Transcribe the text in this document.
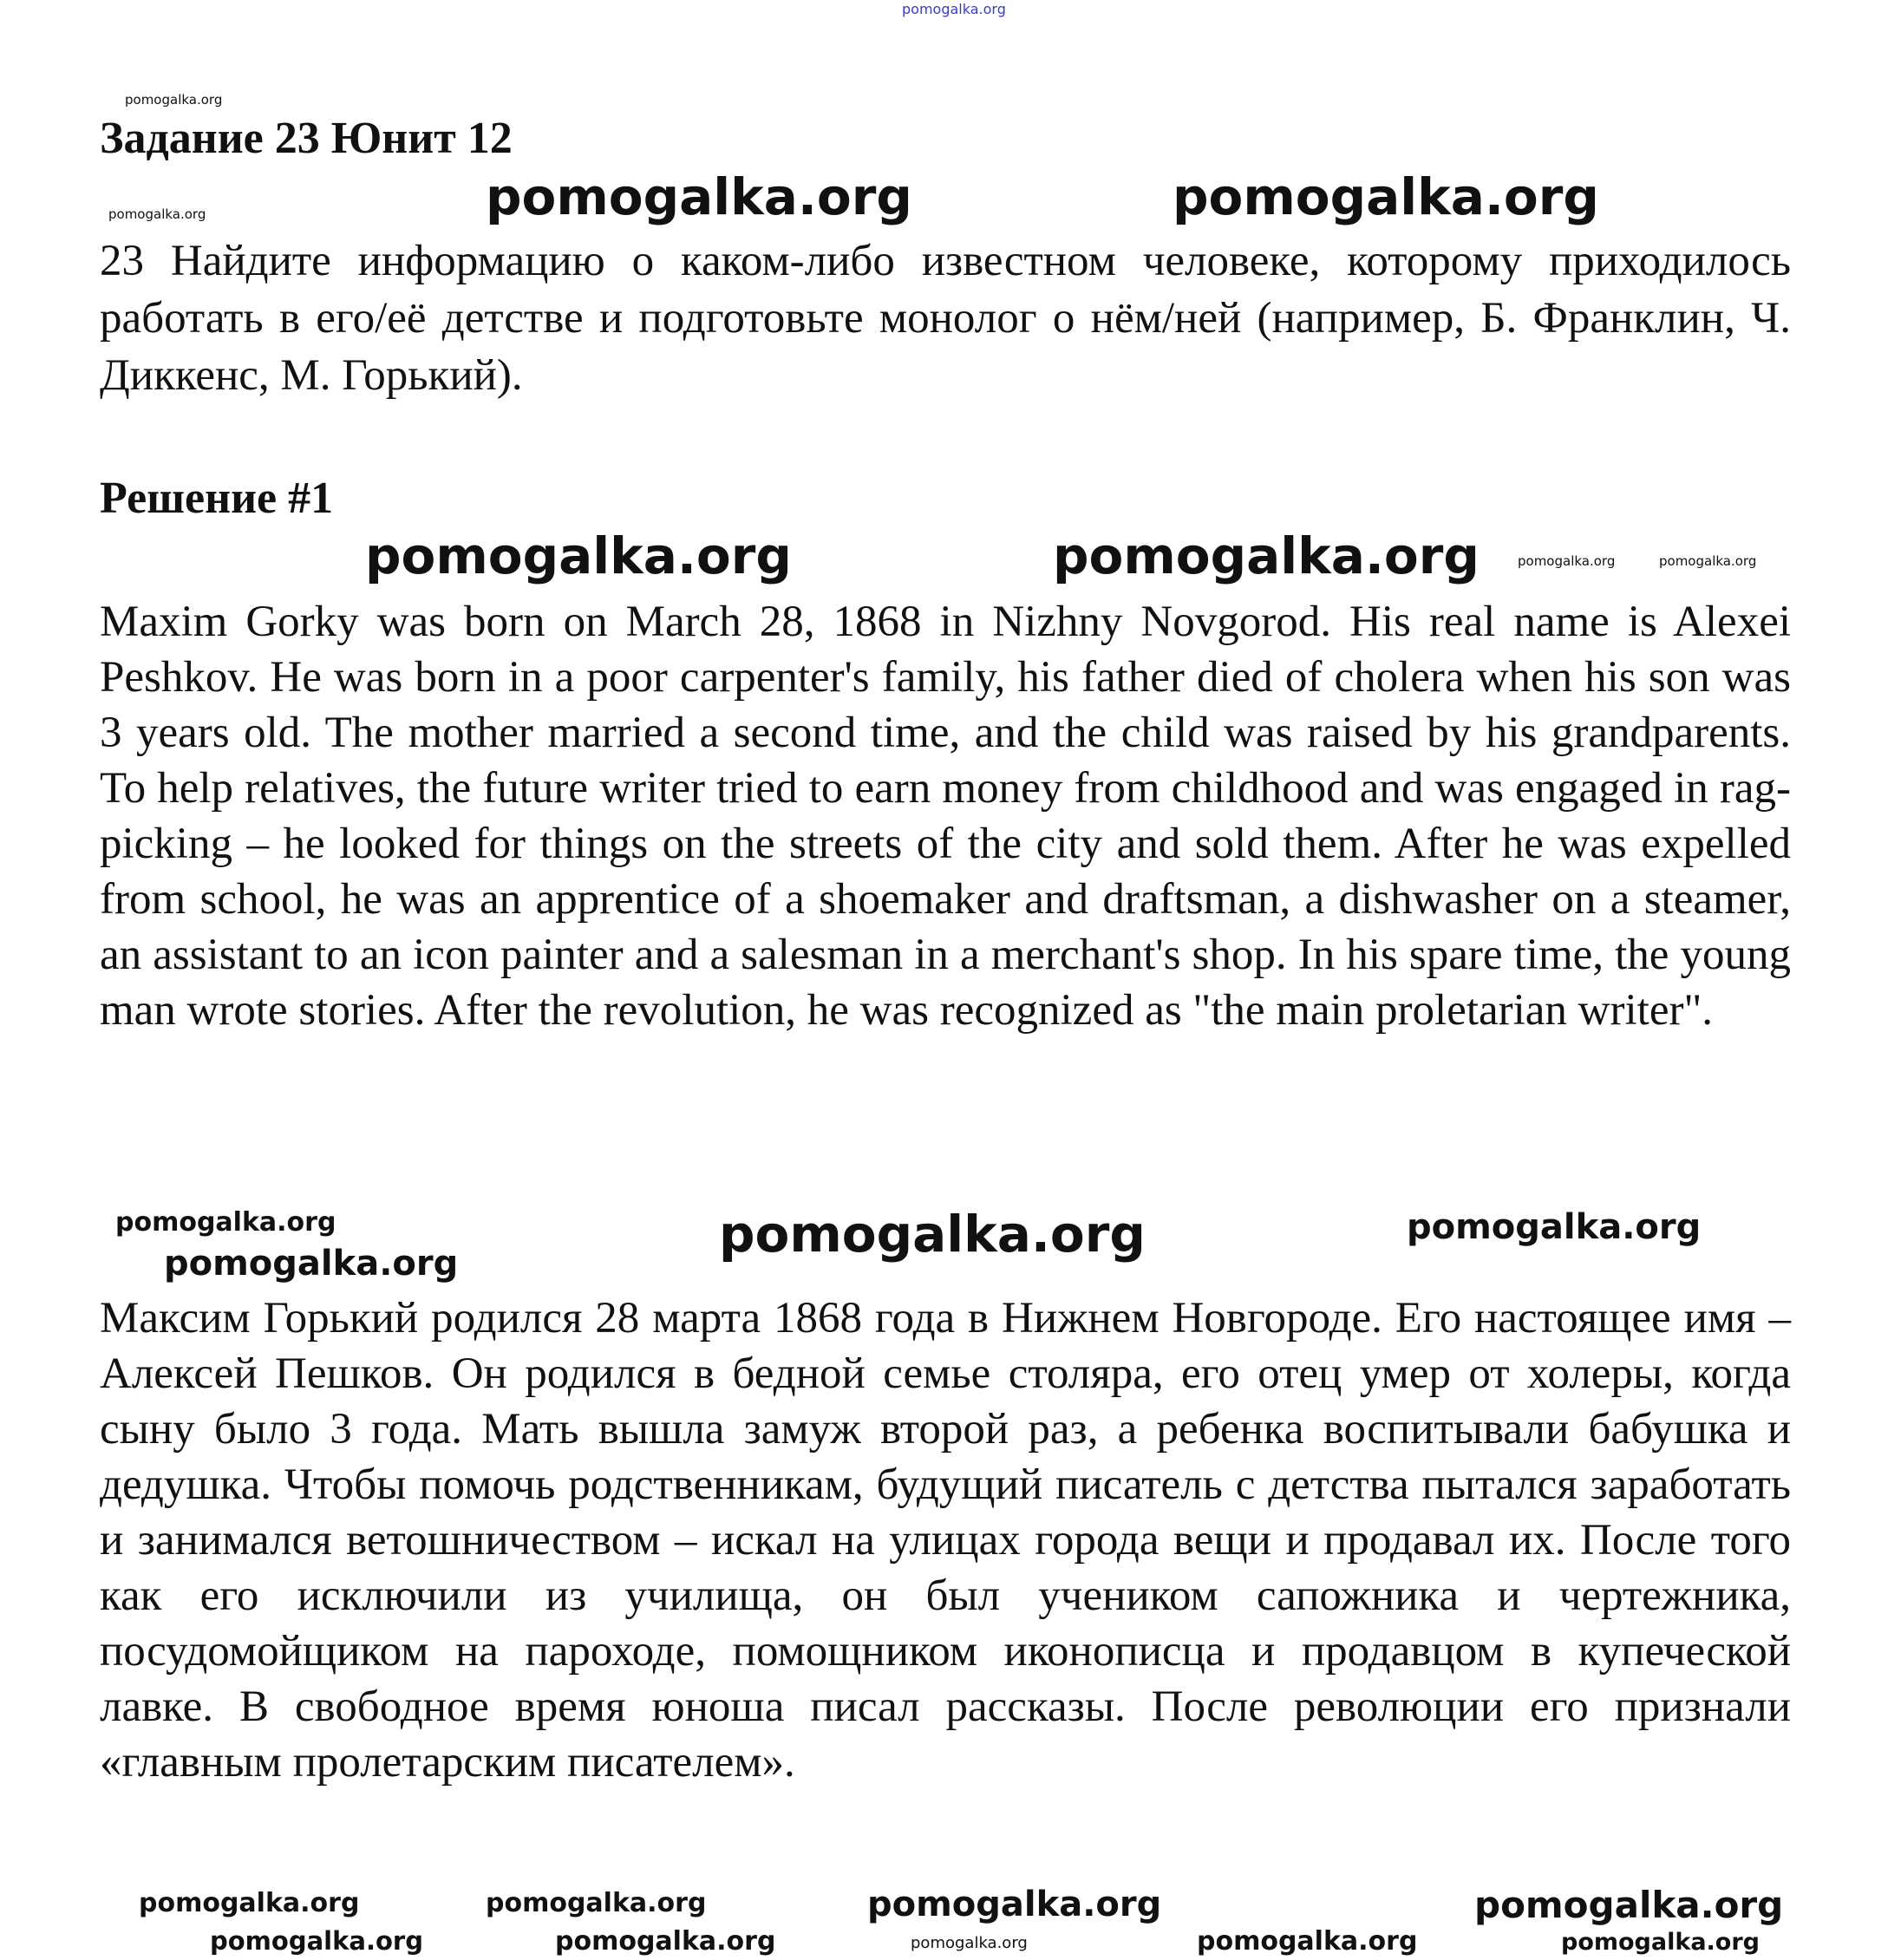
Задание 23 Юнит 12
23 Найдите информацию о каком-либо известном человеке, которому приходилось работать в его/её детстве и подготовьте монолог о нём/ней (например, Б. Франклин, Ч. Диккенс, М. Горький).
Решение #1
Maxim Gorky was born on March 28, 1868 in Nizhny Novgorod. His real name is Alexei Peshkov. He was born in a poor carpenter's family, his father died of cholera when his son was 3 years old. The mother married a second time, and the child was raised by his grandparents. To help relatives, the future writer tried to earn money from childhood and was engaged in rag-picking – he looked for things on the streets of the city and sold them. After he was expelled from school, he was an apprentice of a shoemaker and draftsman, a dishwasher on a steamer, an assistant to an icon painter and a salesman in a merchant's shop. In his spare time, the young man wrote stories. After the revolution, he was recognized as "the main proletarian writer".
Максим Горький родился 28 марта 1868 года в Нижнем Новгороде. Его настоящее имя – Алексей Пешков. Он родился в бедной семье столяра, его отец умер от холеры, когда сыну было 3 года. Мать вышла замуж второй раз, а ребенка воспитывали бабушка и дедушка. Чтобы помочь родственникам, будущий писатель с детства пытался заработать и занимался ветошничеством – искал на улицах города вещи и продавал их. После того как его исключили из училища, он был учеником сапожника и чертежника, посудомойщиком на пароходе, помощником иконописца и продавцом в купеческой лавке. В свободное время юноша писал рассказы. После революции его признали «главным пролетарским писателем».
pomogalka.org
pomogalka.org
pomogalka.org	pomogalka.org	pomogalka.org
pomogalka.org	pomogalka.org	pomogalka.org	pomogalka.org
pomogalka.org	pomogalka.org	pomogalka.org
pomogalka.org
pomogalka.org	pomogalka.org	pomogalka.org	pomogalka.org
pomogalka.org	pomogalka.org	pomogalka.org	pomogalka.org	pomogalka.org
